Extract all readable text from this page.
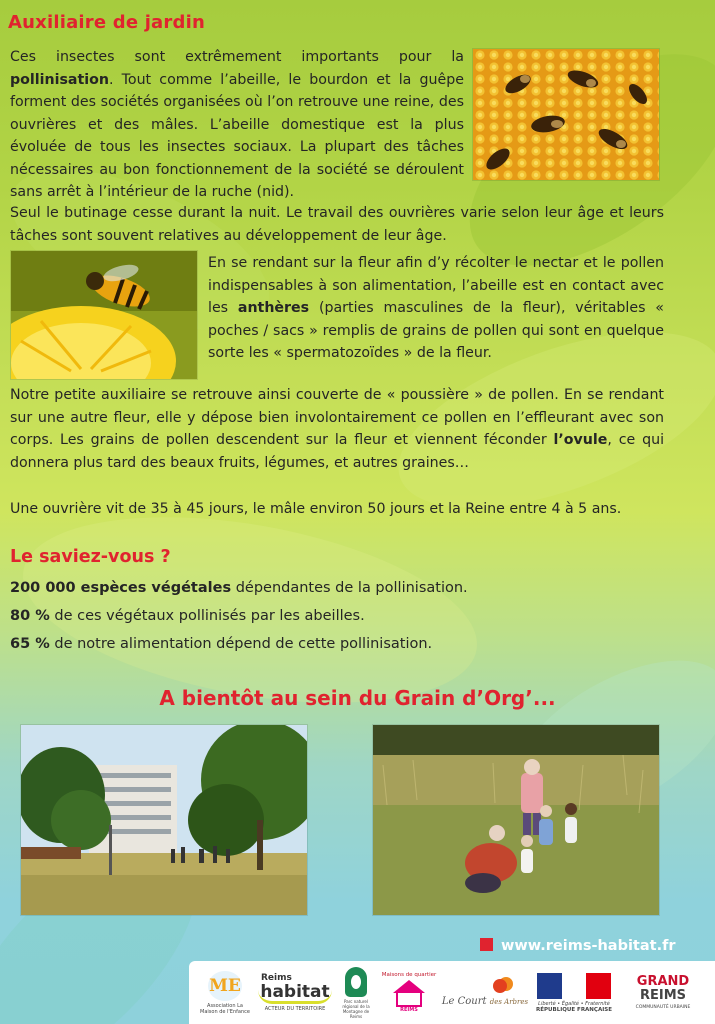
Auxiliaire de jardin
Ces insectes sont extrêmement importants pour la pollinisation. Tout comme l’abeille, le bourdon et la guêpe forment des sociétés organisées où l’on retrouve une reine, des ouvrières et des mâles. L’abeille domestique est la plus évoluée de tous les insectes sociaux. La plupart des tâches nécessaires au bon fonctionnement de la société se déroulent sans arrêt à l’intérieur de la ruche (nid).
Seul le butinage cesse durant la nuit. Le travail des ouvrières varie selon leur âge et leurs tâches sont souvent relatives au développement de leur âge.
En se rendant sur la fleur afin d’y récolter le nectar et le pollen indispensables à son alimentation, l’abeille est en contact avec les anthères (parties masculines de la fleur), véritables « poches / sacs » remplis de grains de pollen qui sont en quelque sorte les « spermatozoïdes » de la fleur.
Notre petite auxiliaire se retrouve ainsi couverte de « poussière » de pollen. En se rendant sur une autre fleur, elle y dépose bien involontairement ce pollen en l’effleurant avec son corps. Les grains de pollen descendent sur la fleur et viennent féconder l’ovule, ce qui donnera plus tard des beaux fruits, légumes, et autres graines…
Une ouvrière vit de 35 à 45 jours, le mâle environ 50 jours et la Reine entre 4 à 5 ans.
Le saviez-vous ?
200 000 espèces végétales dépendantes de la pollinisation.
80 % de ces végétaux pollinisés par les abeilles.
65 % de notre alimentation dépend de cette pollinisation.
A bientôt au sein du Grain d’Org’...
www.reims-habitat.fr
ME
Association La Maison de l'Enfance
Reims
habitat
ACTEUR DU TERRITOIRE
Parc naturel régional de la Montagne de Reims
Maisons de quartier
REIMS
Le Court des Arbres Liberté • Égalité • Fraternité
RÉPUBLIQUE FRANÇAISE
GRAND
REIMS
COMMUNAUTÉ URBAINE
